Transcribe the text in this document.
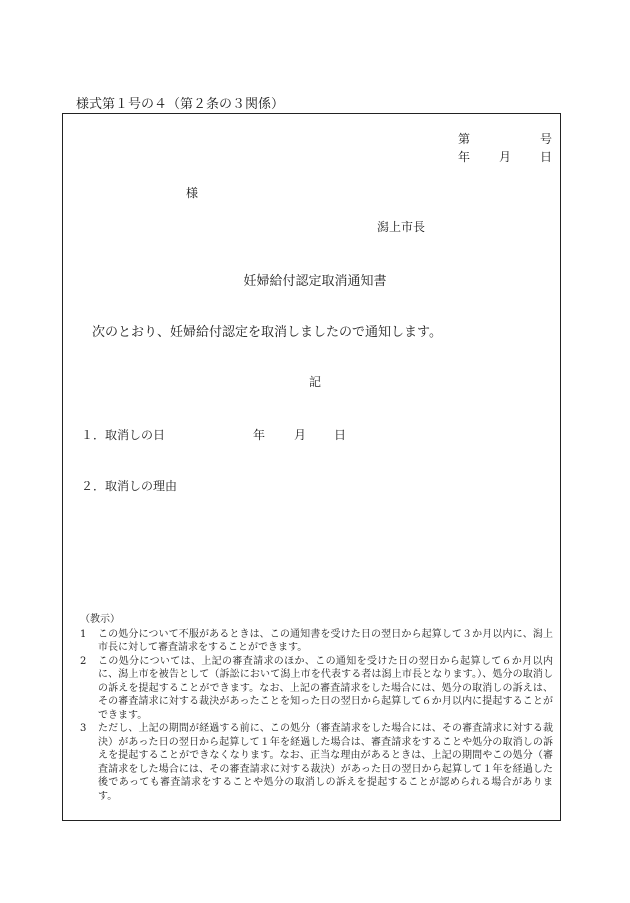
様式第１号の４（第２条の３関係）
第	号
年 月 日
様
潟上市長
妊婦給付認定取消通知書
次のとおり、妊婦給付認定を取消しましたので通知します。
記
１．取消しの日	年 月 日
２．取消しの理由
（教示）
1	この処分について不服があるときは、この通知書を受けた日の翌日から起算して３か月以内に、潟上市長に対して審査請求をすることができます。
2	この処分については、上記の審査請求のほか、この通知を受けた日の翌日から起算して６か月以内に、潟上市を被告として（訴訟において潟上市を代表する者は潟上市長となります。）、処分の取消しの訴えを提起することができます。なお、上記の審査請求をした場合には、処分の取消しの訴えは、その審査請求に対する裁決があったことを知った日の翌日から起算して６か月以内に提起することができます。
3	ただし、上記の期間が経過する前に、この処分（審査請求をした場合には、その審査請求に対する裁決）があった日の翌日から起算して１年を経過した場合は、審査請求をすることや処分の取消しの訴えを提起することができなくなります。なお、正当な理由があるときは、上記の期間やこの処分（審査請求をした場合には、その審査請求に対する裁決）があった日の翌日から起算して１年を経過した後であっても審査請求をすることや処分の取消しの訴えを提起することが認められる場合があります。
